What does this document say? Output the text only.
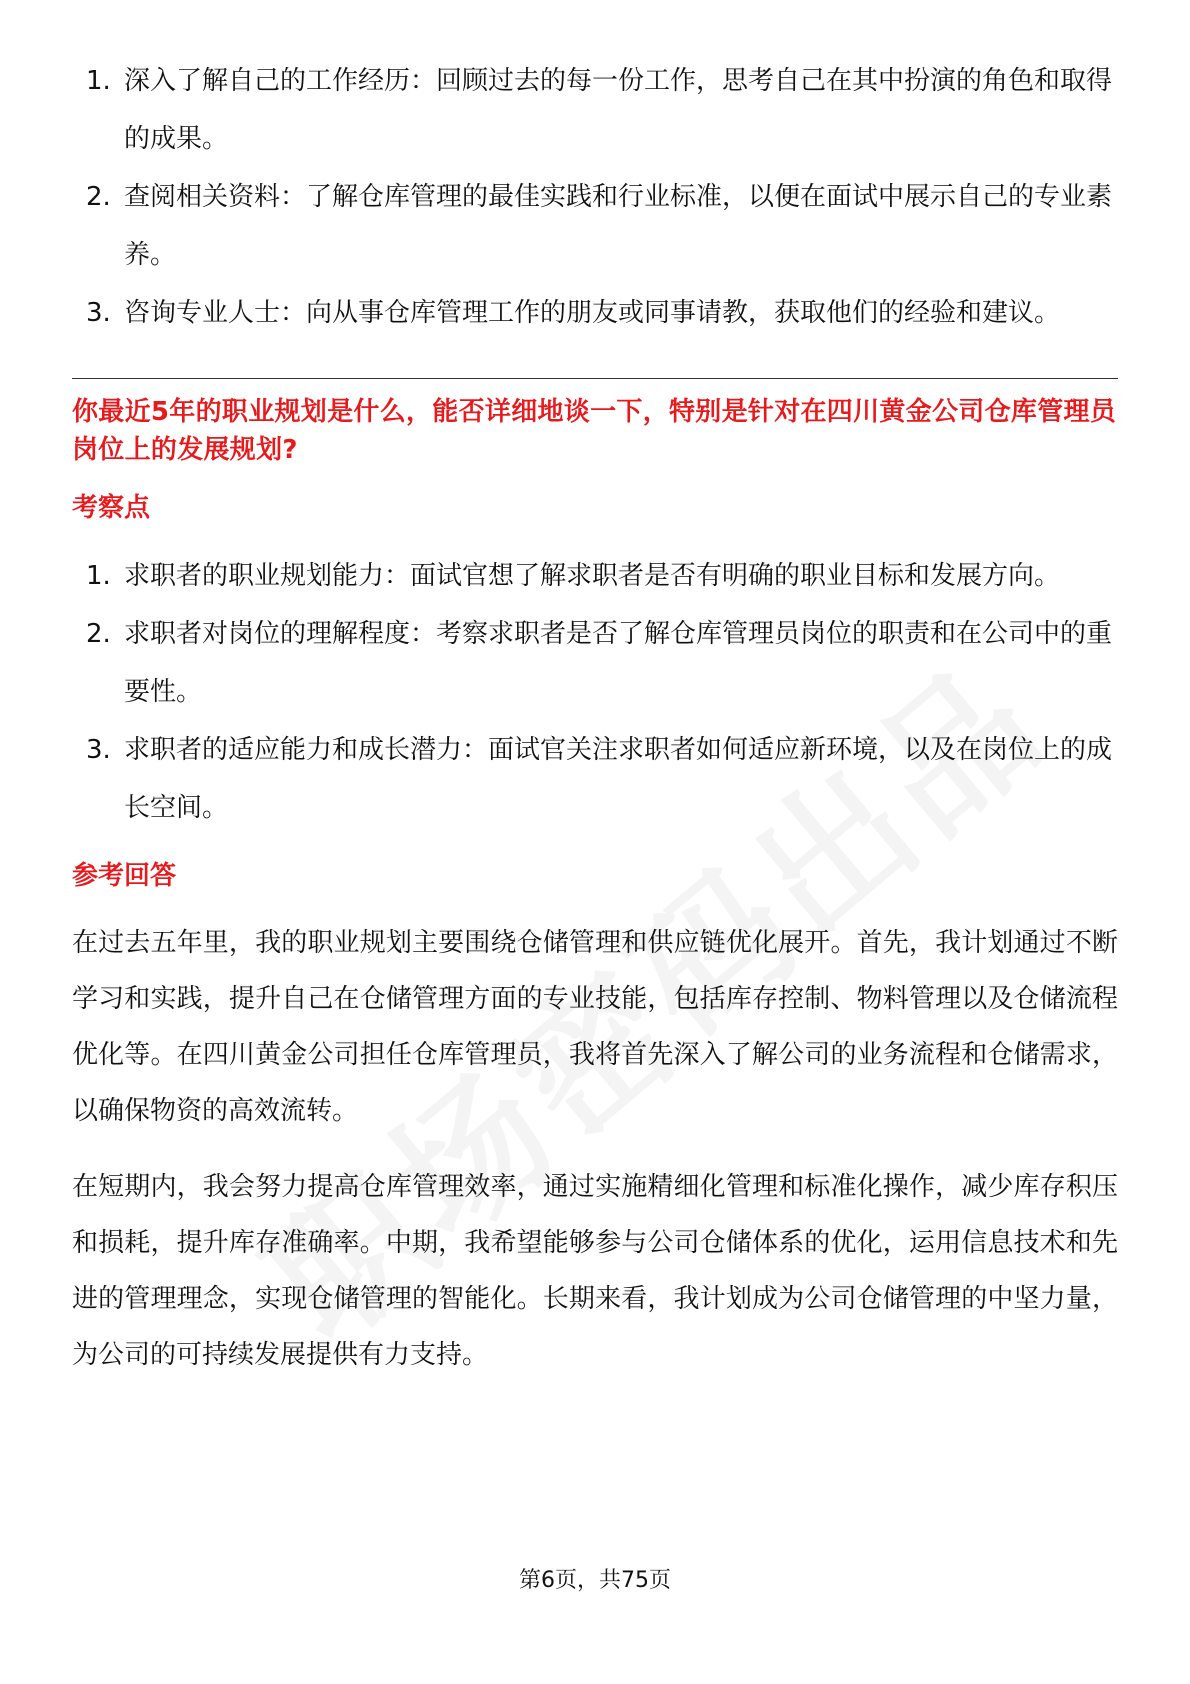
1. 深入了解自己的工作经历：回顾过去的每一份工作，思考自己在其中扮演的角色和取得的成果。
2. 查阅相关资料：了解仓库管理的最佳实践和行业标准，以便在面试中展示自己的专业素养。
3. 咨询专业人士：向从事仓库管理工作的朋友或同事请教，获取他们的经验和建议。

你最近5年的职业规划是什么，能否详细地谈一下，特别是针对在四川黄金公司仓库管理员岗位上的发展规划?

考察点
1. 求职者的职业规划能力：面试官想了解求职者是否有明确的职业目标和发展方向。
2. 求职者对岗位的理解程度：考察求职者是否了解仓库管理员岗位的职责和在公司中的重要性。
3. 求职者的适应能力和成长潜力：面试官关注求职者如何适应新环境，以及在岗位上的成长空间。
参考回答

在过去五年里，我的职业规划主要围绕仓储管理和供应链优化展开。首先，我计划通过不断学习和实践，提升自己在仓储管理方面的专业技能，包括库存控制、物料管理以及仓储流程优化等。在四川黄金公司担任仓库管理员，我将首先深入了解公司的业务流程和仓储需求，以确保物资的高效流转。

在短期内，我会努力提高仓库管理效率，通过实施精细化管理和标准化操作，减少库存积压和损耗，提升库存准确率。中期，我希望能够参与公司仓储体系的优化，运用信息技术和先进的管理理念，实现仓储管理的智能化。长期来看，我计划成为公司仓储管理的中坚力量，为公司的可持续发展提供有力支持。

第6页，共75页
